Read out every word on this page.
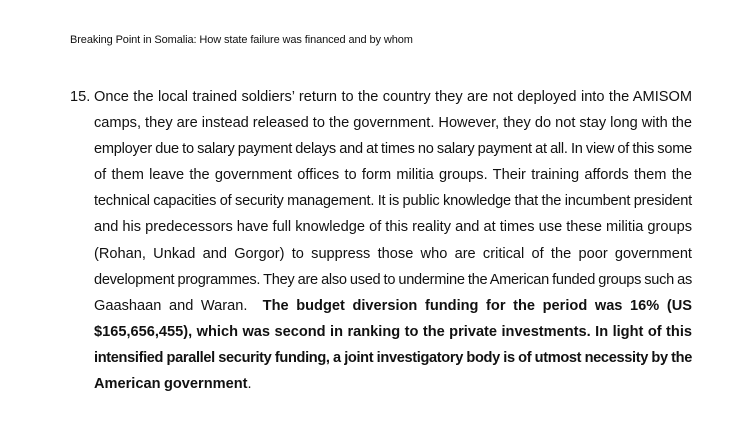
Breaking Point in Somalia: How state failure was financed and by whom
15. Once the local trained soldiers’ return to the country they are not deployed into the AMISOM
camps, they are instead released to the government. However, they do not stay long with the
employer due to salary payment delays and at times no salary payment at all. In view of this some
of them leave the government offices to form militia groups. Their training affords them the
technical capacities of security management. It is public knowledge that the incumbent president
and his predecessors have full knowledge of this reality and at times use these militia groups
(Rohan, Unkad and Gorgor) to suppress those who are critical of the poor government
development programmes. They are also used to undermine the American funded groups such as
Gaashaan and Waran.  The budget diversion funding for the period was 16% (US
$165,656,455), which was second in ranking to the private investments. In light of this
intensified parallel security funding, a joint investigatory body is of utmost necessity by the
American government.
